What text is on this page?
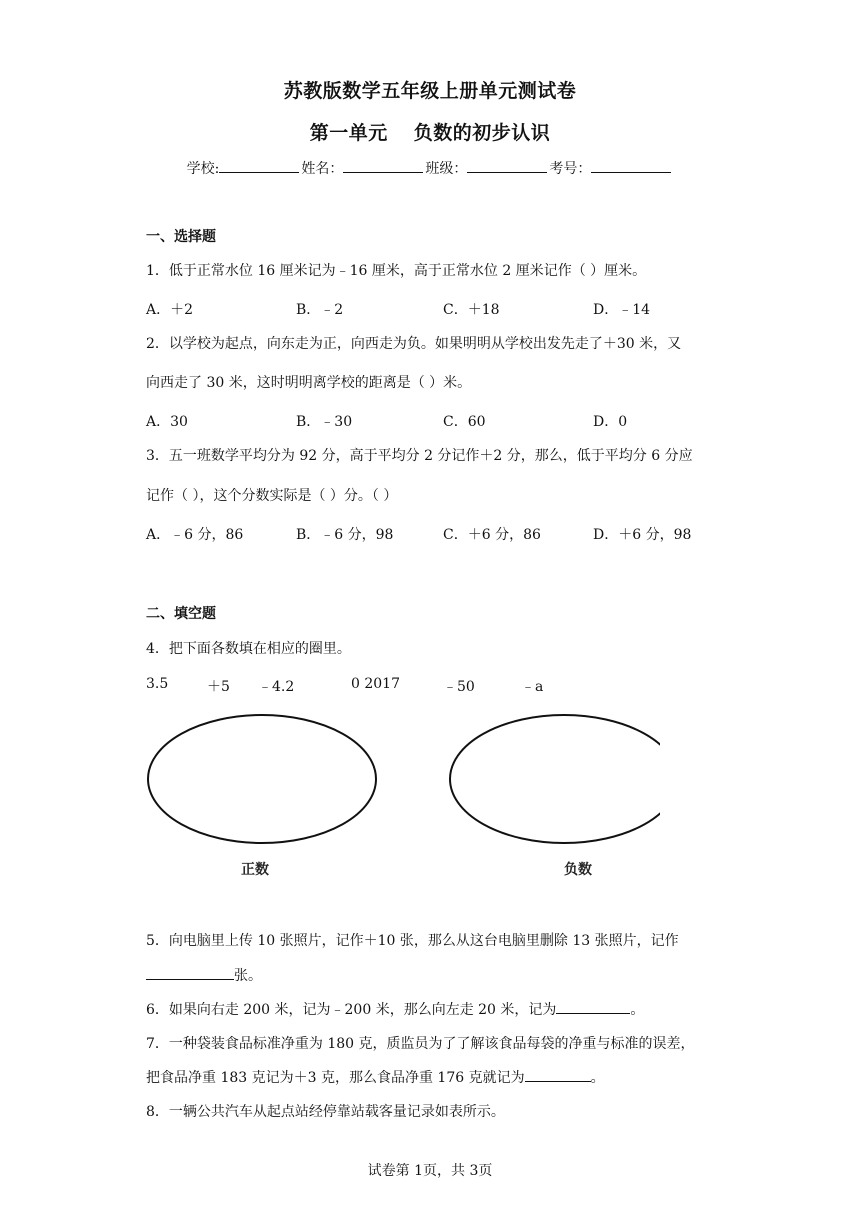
苏教版数学五年级上册单元测试卷
第一单元 负数的初步认识
学校:	姓名：	班级：	考号：
一、选择题
1．低于正常水位 16 厘米记为﹣16 厘米，高于正常水位 2 厘米记作（ ）厘米。
A．＋2	B．﹣2	C．＋18	D．﹣14
2．以学校为起点，向东走为正，向西走为负。如果明明从学校出发先走了＋30 米，又
向西走了 30 米，这时明明离学校的距离是（ ）米。
A．30	B．﹣30	C．60	D．0
3．五一班数学平均分为 92 分，高于平均分 2 分记作＋2 分，那么，低于平均分 6 分应
记作（ ），这个分数实际是（ ）分。（ ）
A．﹣6 分，86	B．﹣6 分，98	C．＋6 分，86	D．＋6 分，98
二、填空题
4．把下面各数填在相应的圈里。
3.5	＋5 ﹣4.2	0 2017	﹣50	﹣a
正数	负数
5．向电脑里上传 10 张照片，记作＋10 张，那么从这台电脑里删除 13 张照片，记作
张。
6．如果向右走 200 米，记为﹣200 米，那么向左走 20 米，记为	。
7．一种袋装食品标准净重为 180 克，质监员为了了解该食品每袋的净重与标准的误差，
把食品净重 183 克记为＋3 克，那么食品净重 176 克就记为	。
8．一辆公共汽车从起点站经停靠站载客量记录如表所示。
试卷第 1页，共 3页
